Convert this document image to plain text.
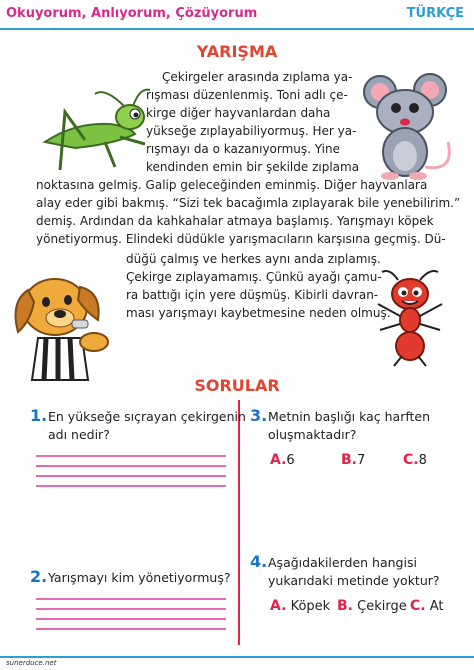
Okuyorum, Anlıyorum, Çözüyorum	TÜRKÇE
YARIŞMA
Çekirgeler arasında zıplama ya-
rışması düzenlenmiş. Toni adlı çe-
kirge diğer hayvanlardan daha
yükseğe zıplayabiliyormuş. Her ya-
rışmayı da o kazanıyormuş. Yine
kendinden emin bir şekilde zıplama
noktasına gelmiş. Galip geleceğinden eminmiş. Diğer hayvanlara
alay eder gibi bakmış. “Sizi tek bacağımla zıplayarak bile yenebilirim.”
demiş. Ardından da kahkahalar atmaya başlamış. Yarışmayı köpek
yönetiyormuş. Elindeki düdükle yarışmacıların karşısına geçmiş. Dü-
düğü çalmış ve herkes aynı anda zıplamış.
Çekirge zıplayamamış. Çünkü ayağı çamu-
ra battığı için yere düşmüş. Kibirli davran-
ması yarışmayı kaybetmesine neden olmuş.
SORULAR
1. En yükseğe sıçrayan çekirgenin
adı nedir?
2. Yarışmayı kim yönetiyormuş?
3. Metnin başlığı kaç harften
oluşmaktadır?
A.6	B.7	C.8
4. Aşağıdakilerden hangisi
yukarıdaki metinde yoktur?
A. Köpek B. Çekirge C. At
sunerduce.net
